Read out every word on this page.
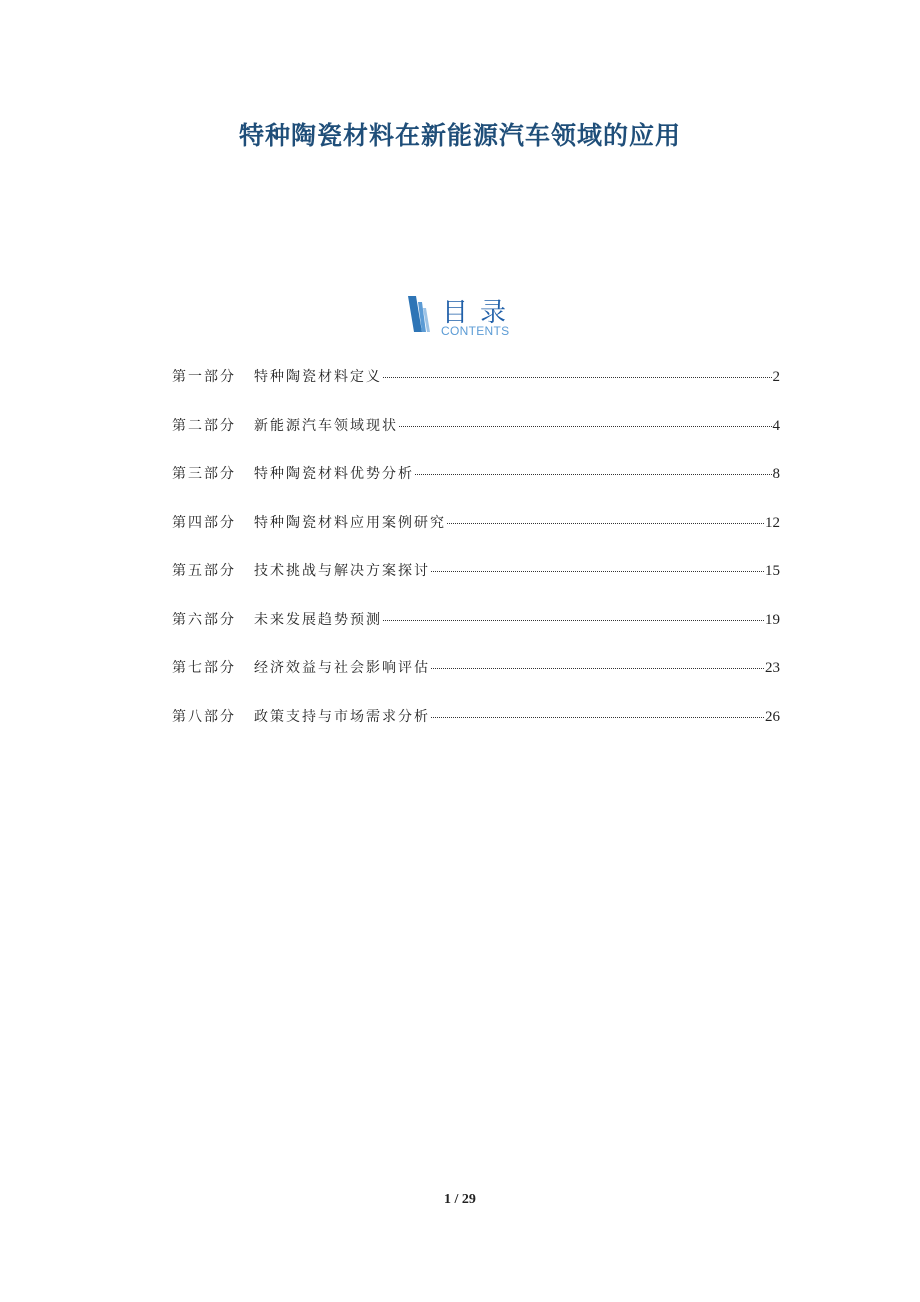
特种陶瓷材料在新能源汽车领域的应用
目录
CONTENTS
第一部分	特种陶瓷材料定义	2
第二部分	新能源汽车领域现状	4
第三部分	特种陶瓷材料优势分析	8
第四部分	特种陶瓷材料应用案例研究	12
第五部分	技术挑战与解决方案探讨	15
第六部分	未来发展趋势预测	19
第七部分	经济效益与社会影响评估	23
第八部分	政策支持与市场需求分析	26
1 / 29
